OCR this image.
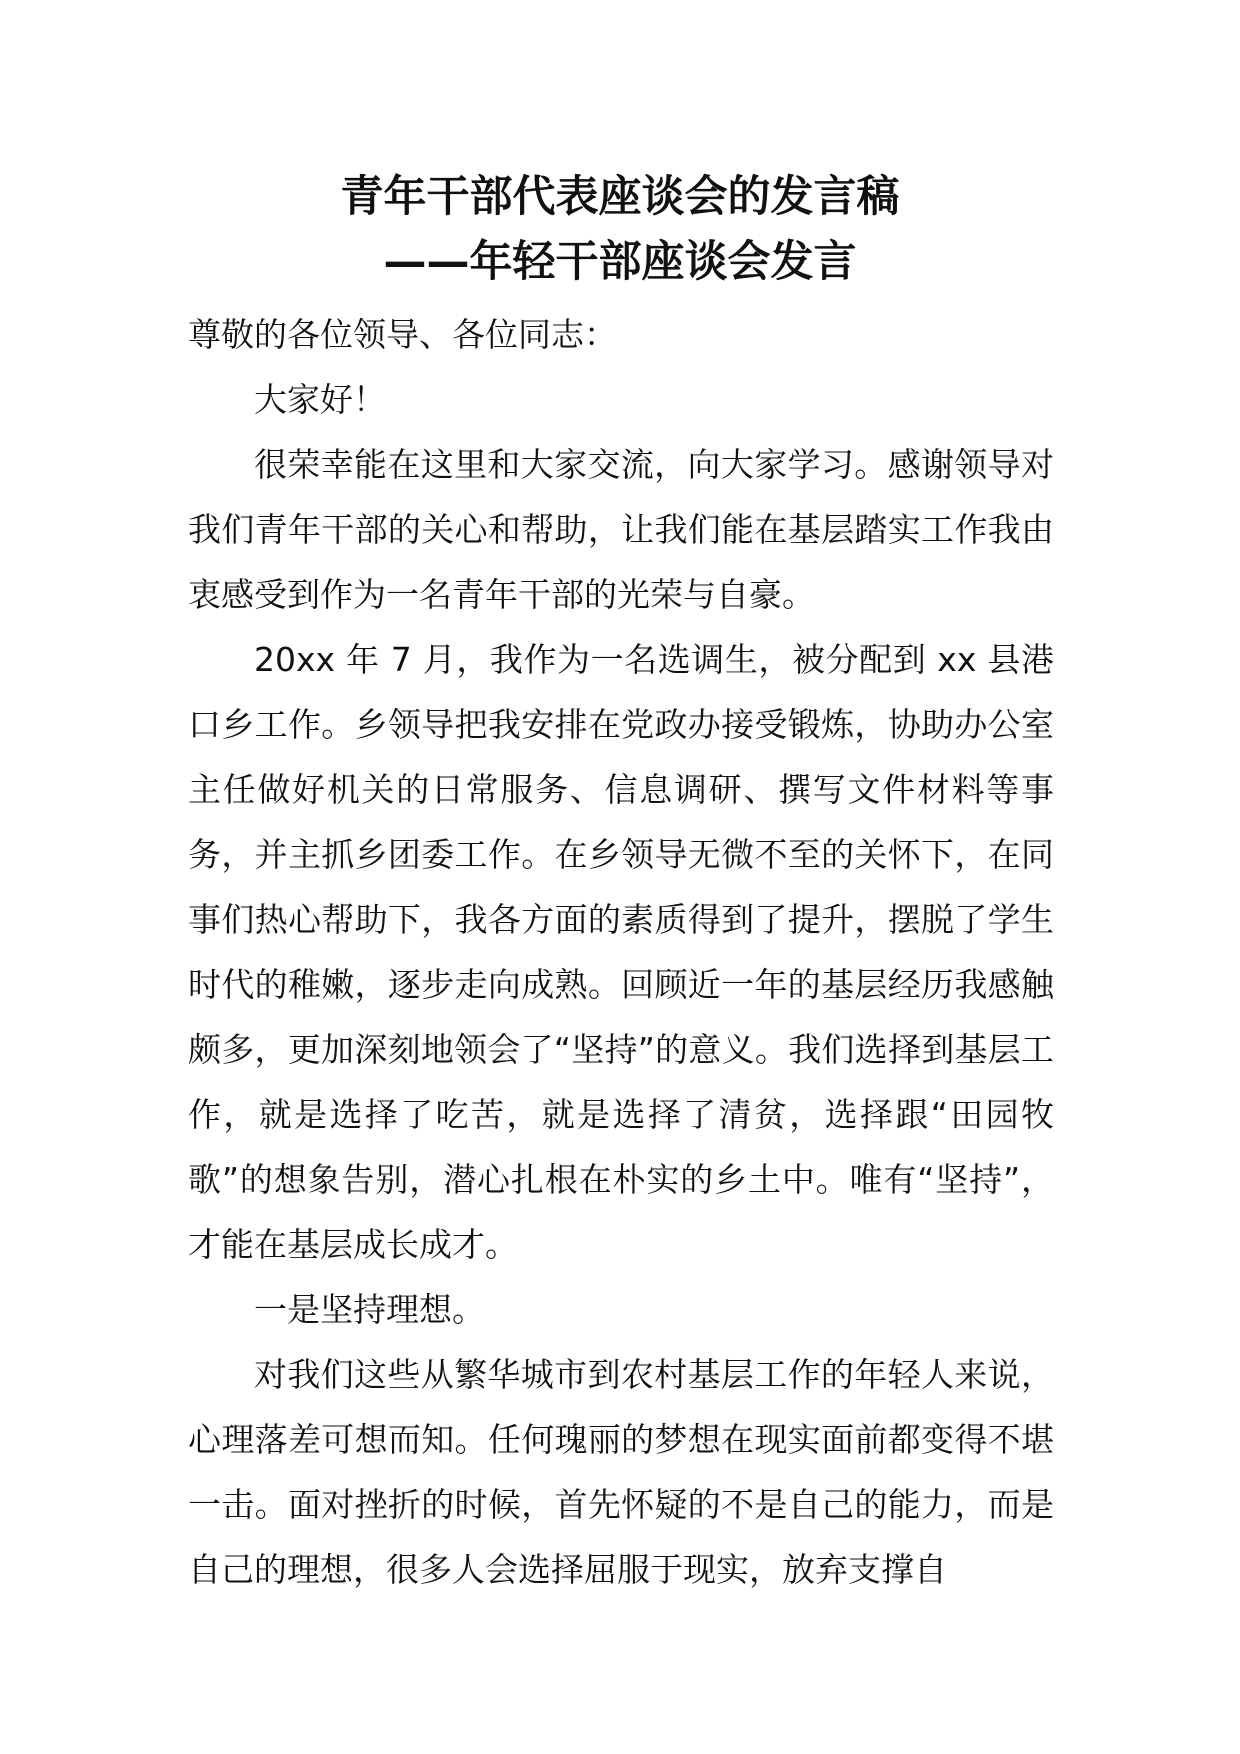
青年干部代表座谈会的发言稿
——年轻干部座谈会发言

尊敬的各位领导、各位同志：

大家好！

很荣幸能在这里和大家交流，向大家学习。感谢领导对我们青年干部的关心和帮助，让我们能在基层踏实工作我由衷感受到作为一名青年干部的光荣与自豪。

20xx 年 7 月，我作为一名选调生，被分配到 xx 县港口乡工作。乡领导把我安排在党政办接受锻炼，协助办公室主任做好机关的日常服务、信息调研、撰写文件材料等事务，并主抓乡团委工作。在乡领导无微不至的关怀下，在同事们热心帮助下，我各方面的素质得到了提升，摆脱了学生时代的稚嫩，逐步走向成熟。回顾近一年的基层经历我感触颇多，更加深刻地领会了“坚持”的意义。我们选择到基层工作，就是选择了吃苦，就是选择了清贫，选择跟“田园牧歌”的想象告别，潜心扎根在朴实的乡土中。唯有“坚持”，才能在基层成长成才。

一是坚持理想。

对我们这些从繁华城市到农村基层工作的年轻人来说，心理落差可想而知。任何瑰丽的梦想在现实面前都变得不堪一击。面对挫折的时候，首先怀疑的不是自己的能力，而是自己的理想，很多人会选择屈服于现实，放弃支撑自
